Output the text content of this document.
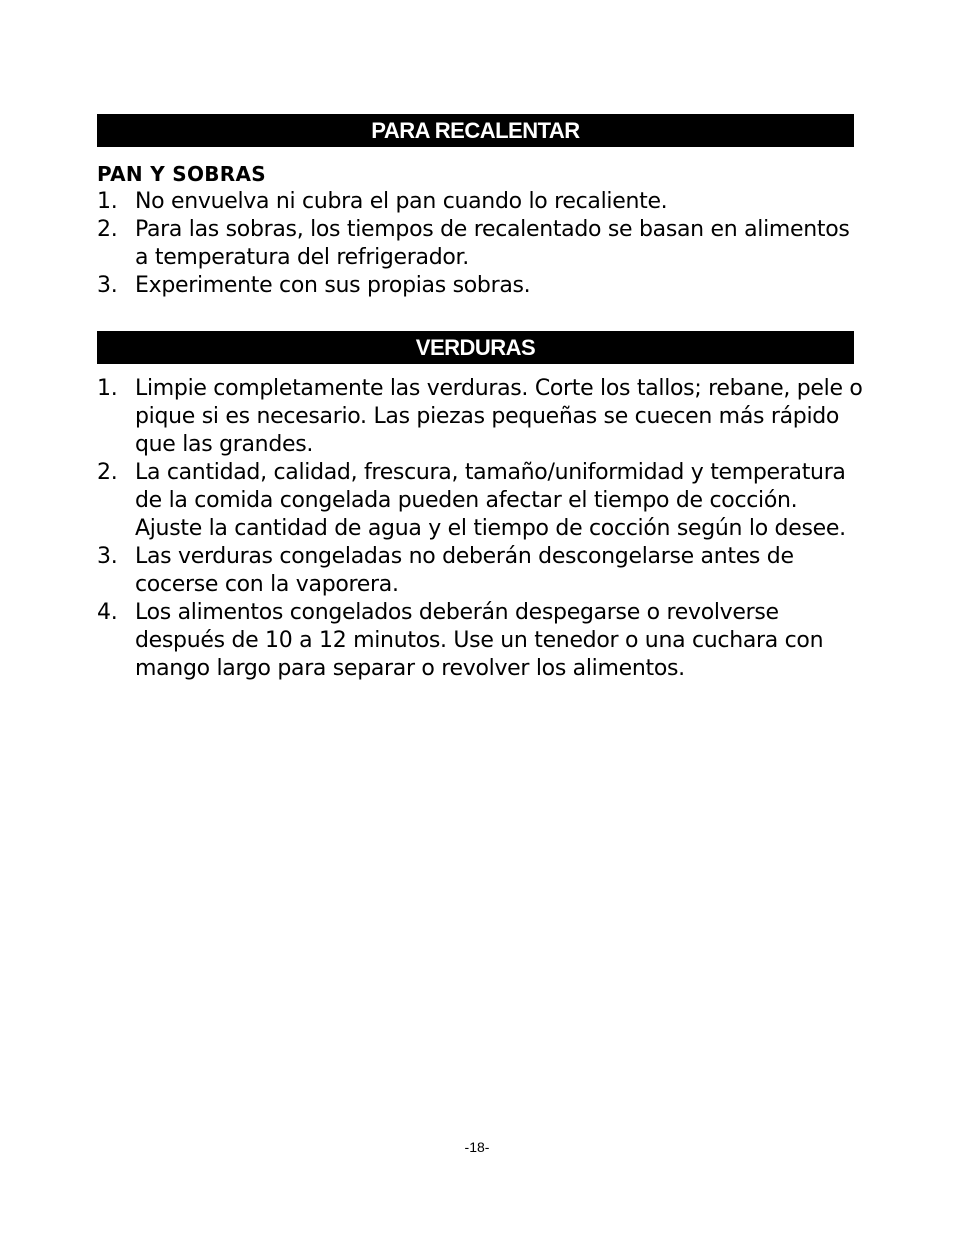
PARA RECALENTAR
PAN Y SOBRAS
1. No envuelva ni cubra el pan cuando lo recaliente.
2. Para las sobras, los tiempos de recalentado se basan en alimentos a temperatura del refrigerador.
3. Experimente con sus propias sobras.
VERDURAS
1. Limpie completamente las verduras. Corte los tallos; rebane, pele o pique si es necesario. Las piezas pequeñas se cuecen más rápido que las grandes.
2. La cantidad, calidad, frescura, tamaño/uniformidad y temperatura de la comida congelada pueden afectar el tiempo de cocción. Ajuste la cantidad de agua y el tiempo de cocción según lo desee.
3. Las verduras congeladas no deberán descongelarse antes de cocerse con la vaporera.
4. Los alimentos congelados deberán despegarse o revolverse después de 10 a 12 minutos. Use un tenedor o una cuchara con mango largo para separar o revolver los alimentos.
-18-
